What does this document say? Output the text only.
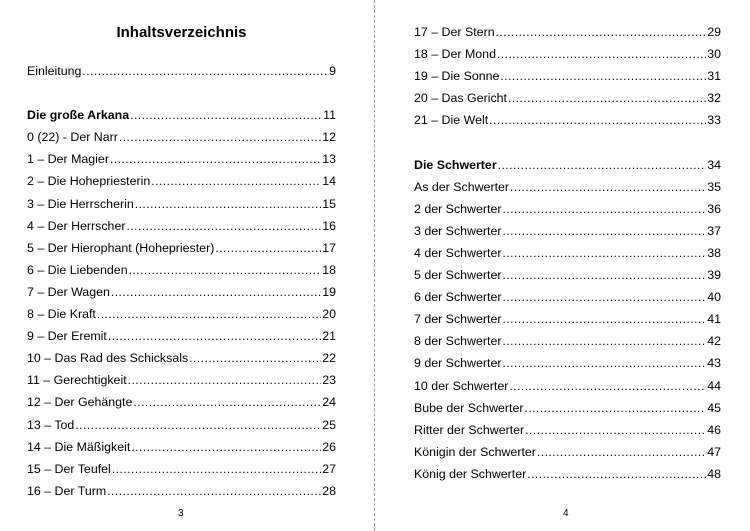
Inhaltsverzeichnis
Einleitung .....	9
Die große Arkana .....	11
0 (22) - Der Narr .....	12
1 – Der Magier .....	13
2 – Die Hohepriesterin .....	14
3 – Die Herrscherin .....	15
4 – Der Herrscher .....	16
5 – Der Hierophant (Hohepriester) .....	17
6 – Die Liebenden .....	18
7 – Der Wagen .....	19
8 – Die Kraft .....	20
9 – Der Eremit .....	21
10 – Das Rad des Schicksals .....	22
11 – Gerechtigkeit .....	23
12 – Der Gehängte .....	24
13 – Tod .....	25
14 – Die Mäßigkeit .....	26
15 – Der Teufel .....	27
16 – Der Turm .....	28
3
17 – Der Stern .....	29
18 – Der Mond .....	30
19 – Die Sonne .....	31
20 – Das Gericht .....	32
21 – Die Welt .....	33
Die Schwerter .....	34
As der Schwerter .....	35
2 der Schwerter .....	36
3 der Schwerter .....	37
4 der Schwerter .....	38
5 der Schwerter .....	39
6 der Schwerter .....	40
7 der Schwerter .....	41
8 der Schwerter .....	42
9 der Schwerter .....	43
10 der Schwerter .....	44
Bube der Schwerter .....	45
Ritter der Schwerter .....	46
Königin der Schwerter .....	47
König der Schwerter .....	48
4
